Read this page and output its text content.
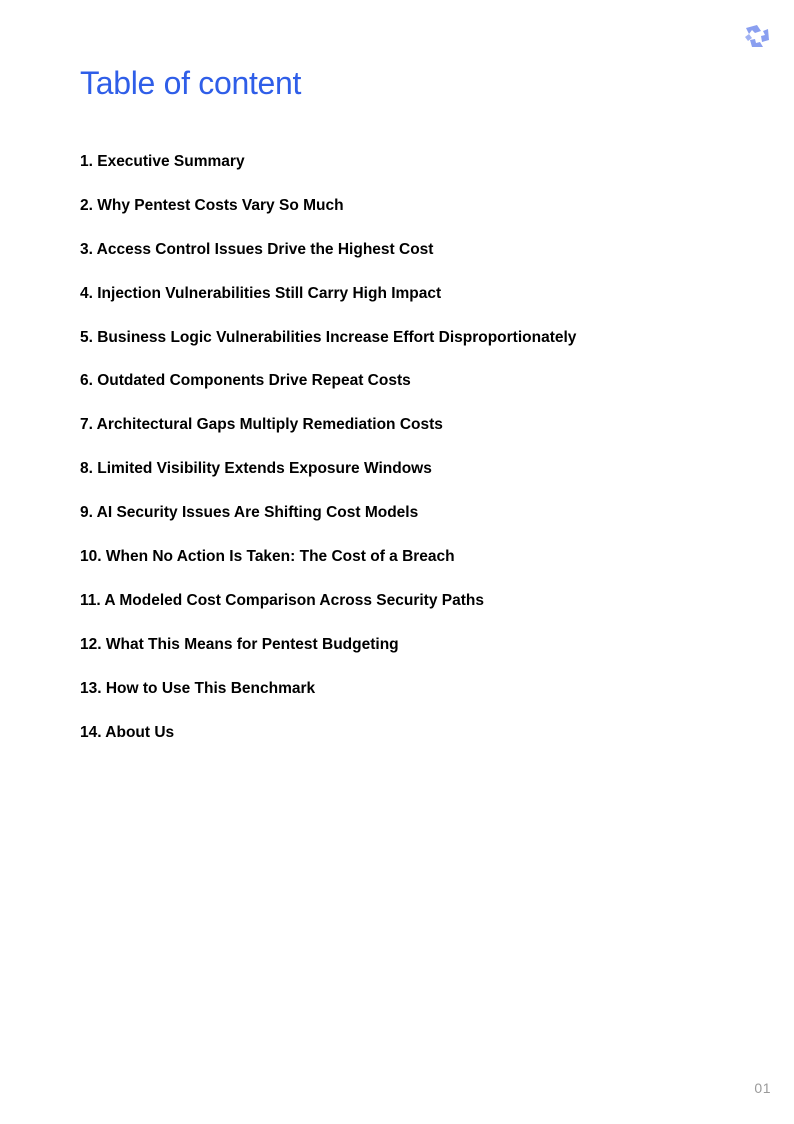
Table of content
1. Executive Summary
2. Why Pentest Costs Vary So Much
3. Access Control Issues Drive the Highest Cost
4. Injection Vulnerabilities Still Carry High Impact
5. Business Logic Vulnerabilities Increase Effort Disproportionately
6. Outdated Components Drive Repeat Costs
7. Architectural Gaps Multiply Remediation Costs
8. Limited Visibility Extends Exposure Windows
9. AI Security Issues Are Shifting Cost Models
10. When No Action Is Taken: The Cost of a Breach
11. A Modeled Cost Comparison Across Security Paths
12. What This Means for Pentest Budgeting
13. How to Use This Benchmark
14. About Us
01
